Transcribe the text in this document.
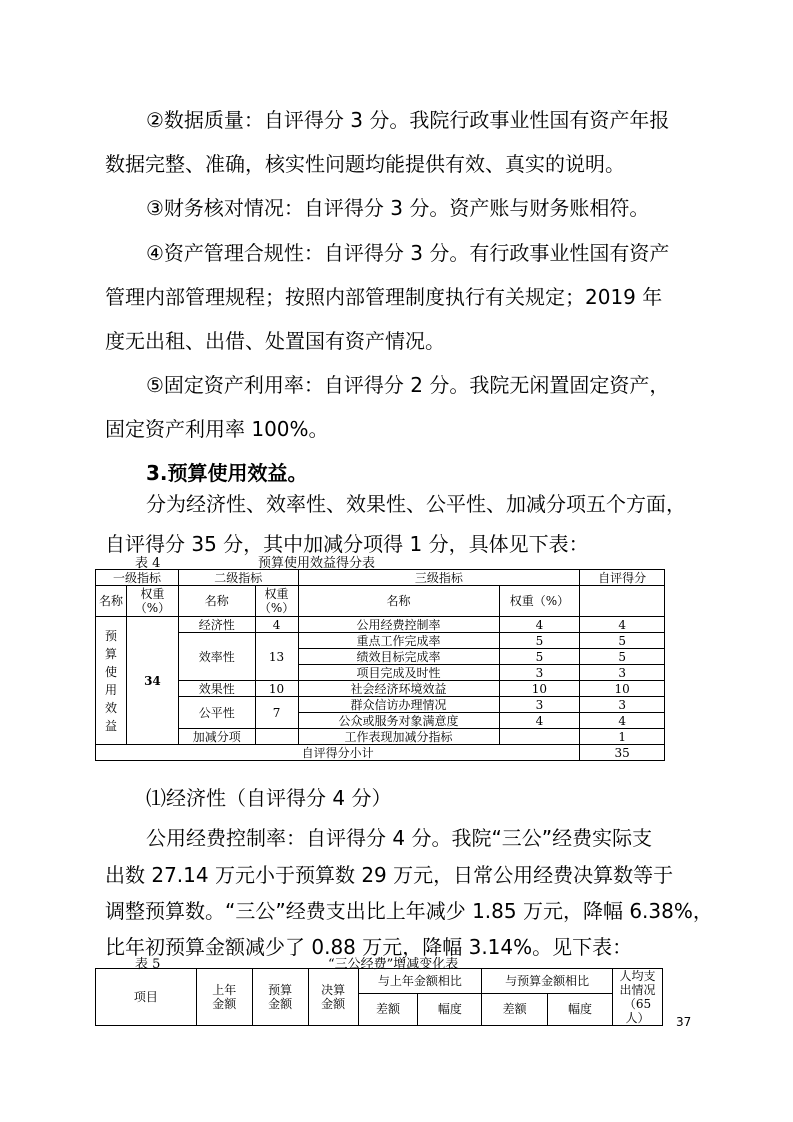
②数据质量：自评得分 3 分。我院行政事业性国有资产年报
数据完整、准确，核实性问题均能提供有效、真实的说明。
③财务核对情况：自评得分 3 分。资产账与财务账相符。
④资产管理合规性：自评得分 3 分。有行政事业性国有资产
管理内部管理规程；按照内部管理制度执行有关规定；2019 年
度无出租、出借、处置国有资产情况。
⑤固定资产利用率：自评得分 2 分。我院无闲置固定资产，
固定资产利用率 100%。
3.预算使用效益。
分为经济性、效率性、效果性、公平性、加减分项五个方面，
自评得分 35 分，其中加减分项得 1 分，具体见下表：
表 4	预算使用效益得分表
一级指标		二级指标		三级指标		自评得分
名称	权重（%）	名称	权重（%）	名称	权重（%）	
预算使用效益	34	经济性	4	公用经费控制率	4	4
		效率性	13	重点工作完成率	5	5
				绩效目标完成率	5	5
				项目完成及时性	3	3
		效果性	10	社会经济环境效益	10	10
		公平性	7	群众信访办理情况	3	3
				公众或服务对象满意度	4	4
		加减分项		工作表现加减分指标		1
自评得分小计						35
⑴经济性（自评得分 4 分）
公用经费控制率：自评得分 4 分。我院“三公”经费实际支
出数 27.14 万元小于预算数 29 万元，日常公用经费决算数等于
调整预算数。“三公”经费支出比上年减少 1.85 万元，降幅 6.38%，
比年初预算金额减少了 0.88 万元，降幅 3.14%。见下表：
表 5	“三公经费”增减变化表
项目	上年金额	预算金额	决算金额	与上年金额相比		与预算金额相比		人均支出情况（65 人）
				差额	幅度	差额	幅度	
37
